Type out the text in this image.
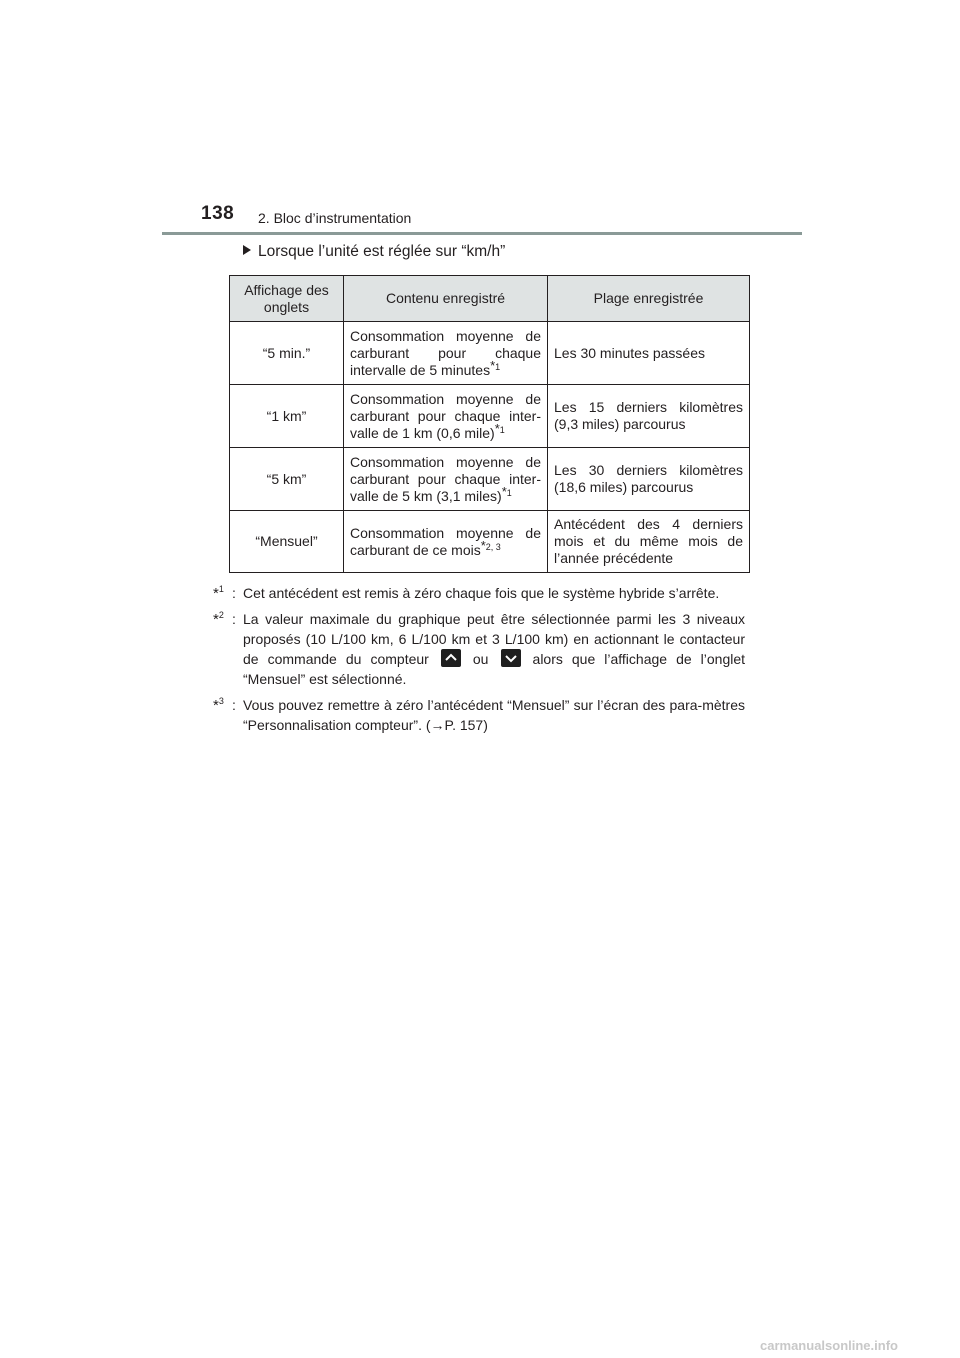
138 2. Bloc d’instrumentation
Lorsque l’unité est réglée sur “km/h”
Affichage des onglets	Contenu enregistré	Plage enregistrée
“5 min.”	Consommation moyenne de carburant pour chaque intervalle de 5 minutes$^{*1}$	Les 30 minutes passées
“1 km”	Consommation moyenne de carburant pour chaque inter-valle de 1 km (0,6 mile)$^{*1}$	Les 15 derniers kilomètres (9,3 miles) parcourus
“5 km”	Consommation moyenne de carburant pour chaque inter-valle de 5 km (3,1 miles)$^{*1}$	Les 30 derniers kilomètres (18,6 miles) parcourus
“Mensuel”	Consommation moyenne de carburant de ce mois$^{*2, 3}$	Antécédent des 4 derniers mois et du même mois de l’année précédente
*$^1$ : Cet antécédent est remis à zéro chaque fois que le système hybride s’arrête.
*$^2$ : La valeur maximale du graphique peut être sélectionnée parmi les 3 niveaux proposés (10 L/100 km, 6 L/100 km et 3 L/100 km) en actionnant le contacteur de commande du compteur	ou	alors que l’affichage de l’onglet “Mensuel” est sélectionné.
*$^3$ : Vous pouvez remettre à zéro l’antécédent “Mensuel” sur l’écran des para-mètres “Personnalisation compteur”. (→P. 157)
carmanualsonline.info
